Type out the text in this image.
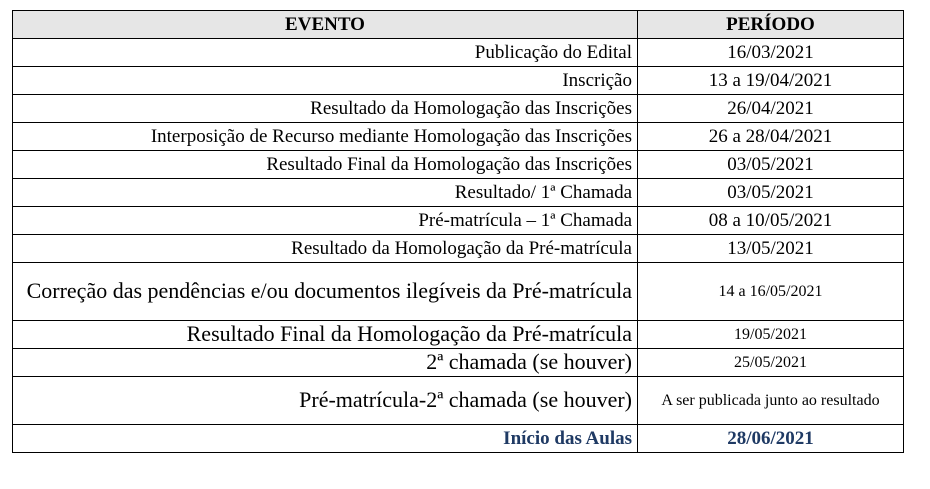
EVENTO	PERÍODO
Publicação do Edital	16/03/2021
Inscrição	13 a 19/04/2021
Resultado da Homologação das Inscrições	26/04/2021
Interposição de Recurso mediante Homologação das Inscrições	26 a 28/04/2021
Resultado Final da Homologação das Inscrições	03/05/2021
Resultado/ 1ª Chamada	03/05/2021
Pré-matrícula – 1ª Chamada	08 a 10/05/2021
Resultado da Homologação da Pré-matrícula	13/05/2021
Correção das pendências e/ou documentos ilegíveis da Pré-matrícula	14 a 16/05/2021
Resultado Final da Homologação da Pré-matrícula	19/05/2021
2ª chamada (se houver)	25/05/2021
Pré-matrícula-2ª chamada (se houver)	A ser publicada junto ao resultado
Início das Aulas	28/06/2021
